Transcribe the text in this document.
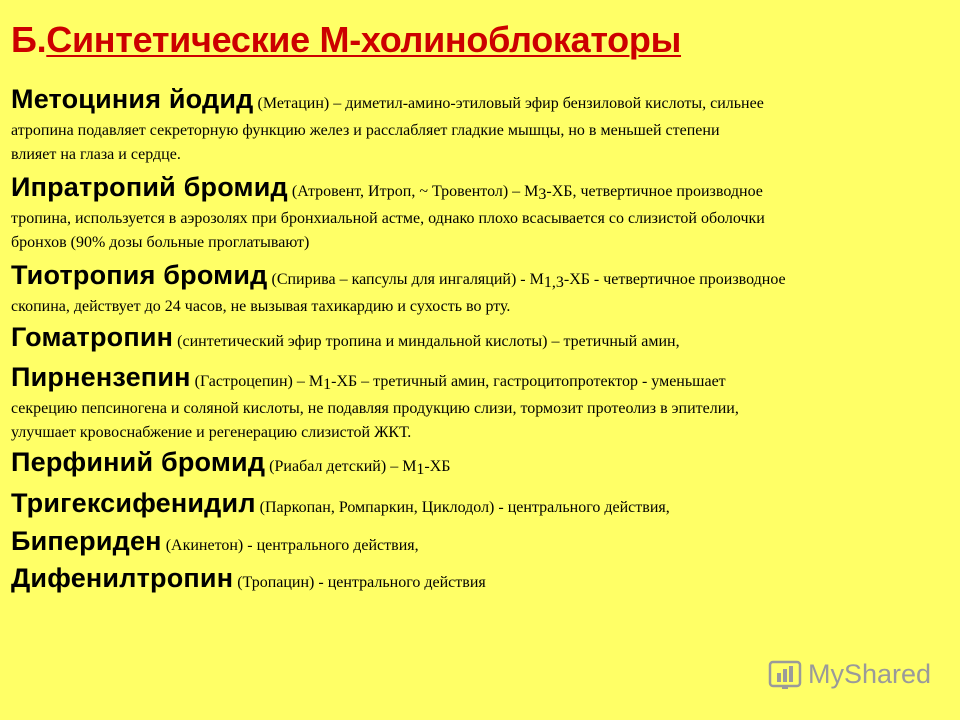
Б.Синтетические М-холиноблокаторы
Метоциния йодид (Метацин) – диметил-амино-этиловый эфир бензиловой кислоты, сильнее
атропина подавляет секреторную функцию желез и расслабляет гладкие мышцы, но в меньшей степени
влияет на глаза и сердце.
Ипратропий бромид (Атровент, Итроп, ~ Тровентол) – $М_3-ХБ$, четвертичное производное
тропина, используется в аэрозолях при бронхиальной астме, однако плохо всасывается со слизистой оболочки
бронхов (90% дозы больные проглатывают)
Тиотропия бромид (Спирива – капсулы для ингаляций) - $М_{1,3}-ХБ$ - четвертичное производное
скопина, действует до 24 часов, не вызывая тахикардию и сухость во рту.
Гоматропин (синтетический эфир тропина и миндальной кислоты) – третичный амин,
Пирнензепин (Гастроцепин) – $М_1-ХБ$ – третичный амин, гастроцитопротектор - уменьшает
секрецию пепсиногена и соляной кислоты, не подавляя продукцию слизи, тормозит протеолиз в эпителии,
улучшает кровоснабжение и регенерацию слизистой ЖКТ.
Перфиний бромид (Риабал детский) – $М_1-ХБ$
Тригексифенидил (Паркопан, Ромпаркин, Циклодол) - центрального действия,
Бипериден (Акинетон) - центрального действия,
Дифенилтропин (Тропацин) - центрального действия
MyShared
